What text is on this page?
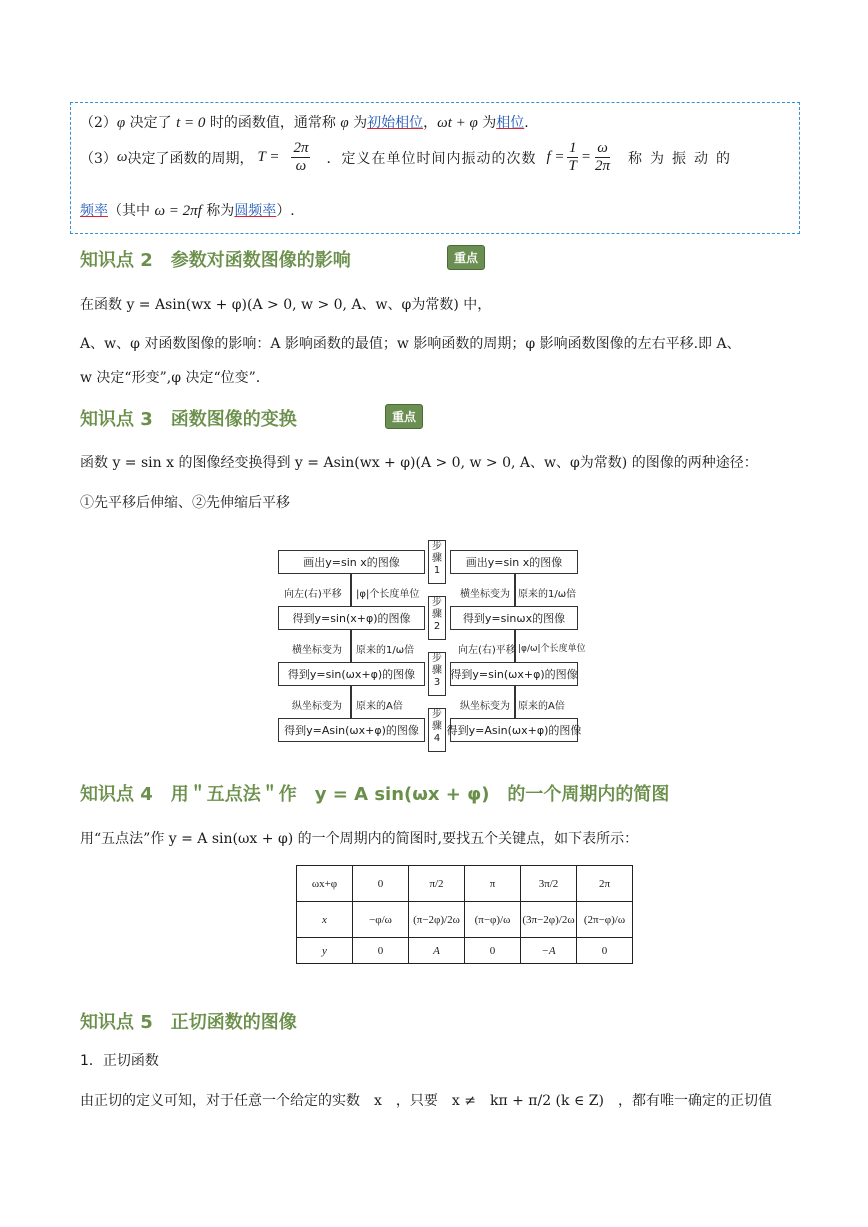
（2）φ 决定了 t = 0 时的函数值，通常称 φ 为初始相位，ωt + φ 为相位.
（3） ω 决定了函数的周期， $T = \frac{2\pi}{\omega}$ ．定义在单位时间内振动的次数 $f = \frac{1}{T} = \frac{\omega}{2\pi}$ 称为振动的
频率（其中 ω = 2πf 称为圆频率）.
知识点 2　参数对函数图像的影响	重点
在函数 y = Asin(wx + φ)(A > 0, w > 0, A、w、φ为常数) 中，
A、w、φ 对函数图像的影响：A 影响函数的最值；w 影响函数的周期；φ 影响函数图像的左右平移.即 A、
w 决定“形变”,φ 决定“位变”.
知识点 3　函数图像的变换	重点
函数 y = sin x 的图像经变换得到 y = Asin(wx + φ)(A > 0, w > 0, A、w、φ为常数) 的图像的两种途径：
①先平移后伸缩、②先伸缩后平移
画出y=sin x的图像
得到y=sin(x+φ)的图像
得到y=sin(ωx+φ)的图像
得到y=Asin(ωx+φ)的图像
步骤1
步骤2
步骤3
步骤4
画出y=sin x的图像
得到y=sinωx的图像
得到y=sin(ωx+φ)的图像
得到y=Asin(ωx+φ)的图像
向左(右)平移 |φ|个长度单位
横坐标变为 原来的1/ω倍
纵坐标变为 原来的A倍
横坐标变为 原来的1/ω倍
向左(右)平移 |φ/ω|个长度单位
纵坐标变为 原来的A倍
知识点 4　用＂五点法＂作　y = A sin(ωx + φ)　的一个周期内的简图
用“五点法”作 y = A sin(ωx + φ) 的一个周期内的简图时,要找五个关键点，如下表所示：
ωx+φ	0	π/2	π	3π/2	2π
x	−φ/ω	(π−2φ)/2ω	(π−φ)/ω	(3π−2φ)/2ω	(2π−φ)/ω
y	0	A	0	−A	0
知识点 5　正切函数的图像
1．正切函数
由正切的定义可知，对于任意一个给定的实数　x　，只要　x ≠　kπ + π/2 (k ∈ Z)　，都有唯一确定的正切值
